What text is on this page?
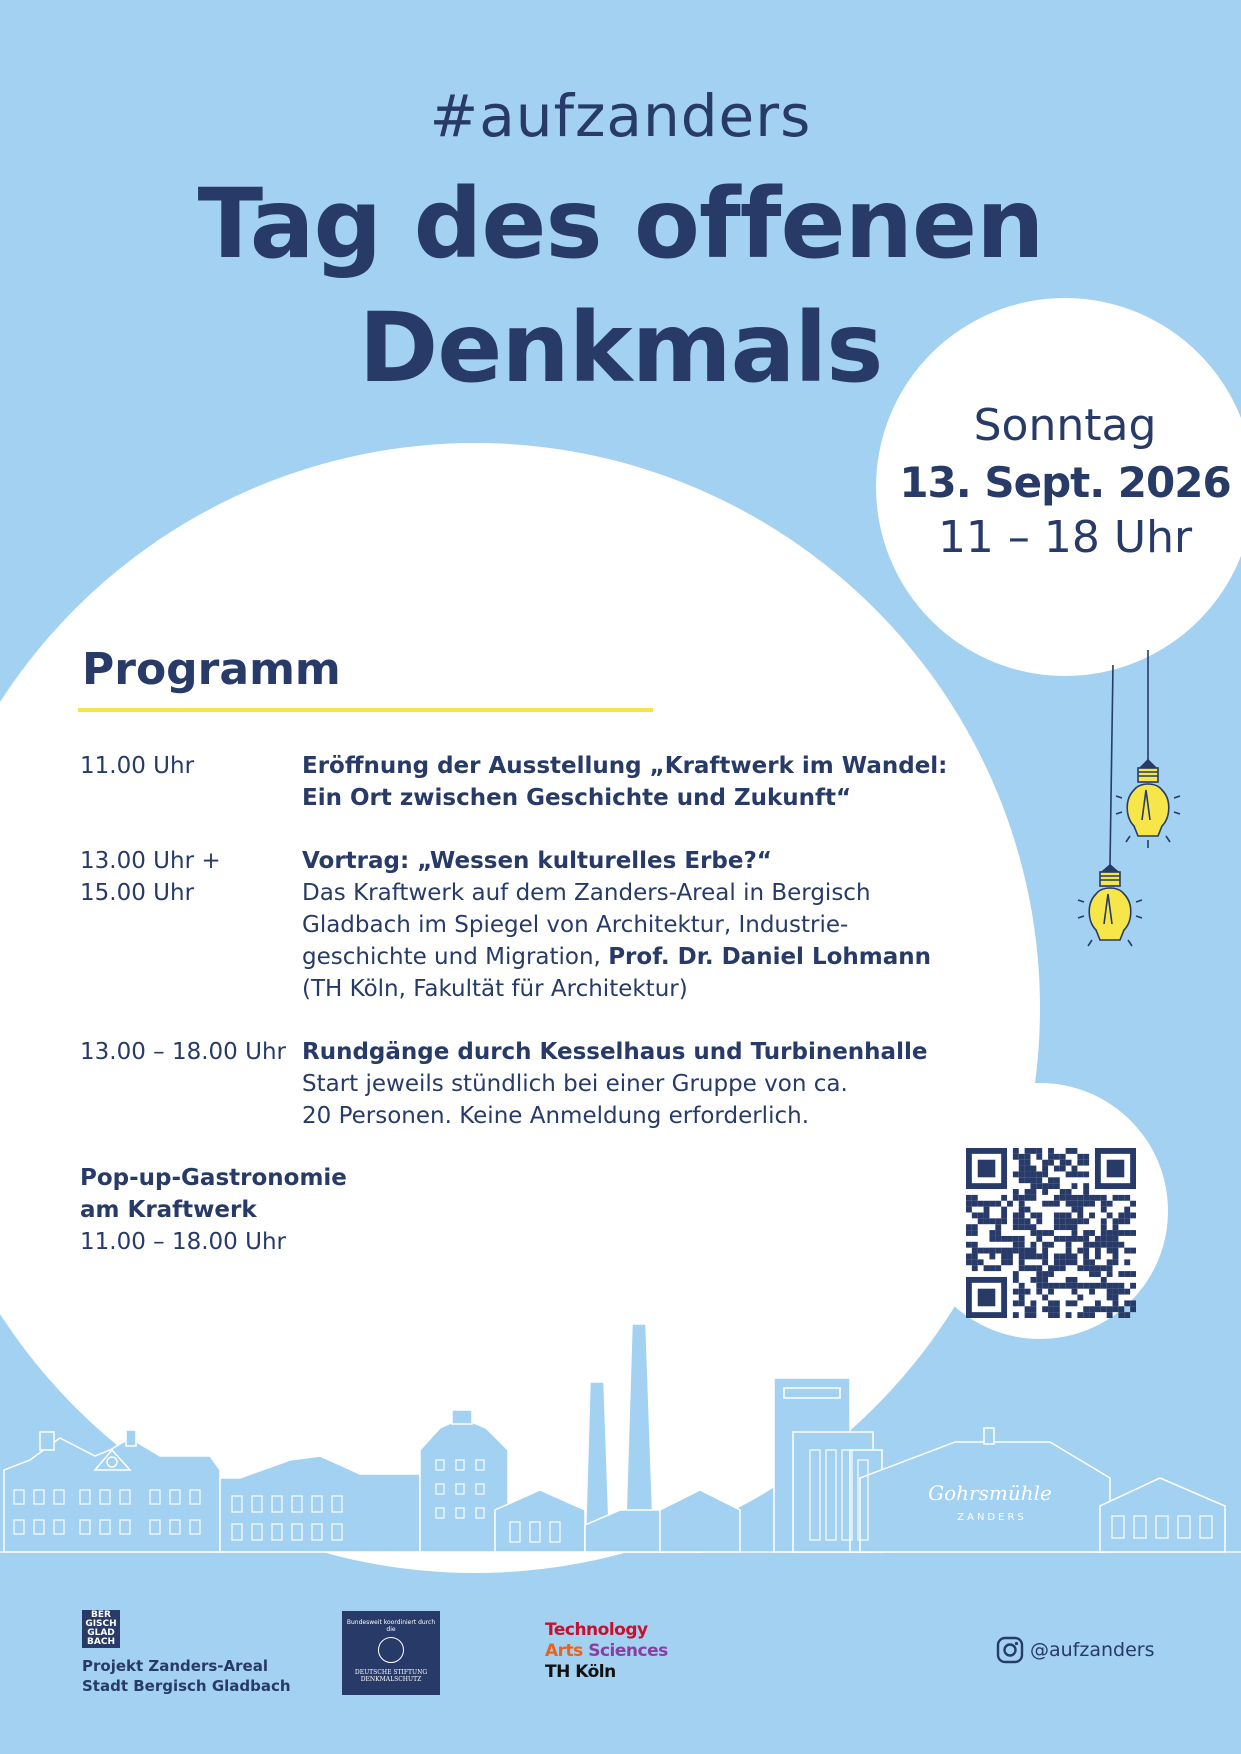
#aufzanders
Tag des offenen
Denkmals
Sonntag
13. Sept. 2026
11 – 18 Uhr
Programm
11.00 Uhr	Eröffnung der Ausstellung „Kraftwerk im Wandel:
Ein Ort zwischen Geschichte und Zukunft“
13.00 Uhr +
15.00 Uhr
Vortrag: „Wessen kulturelles Erbe?“
Das Kraftwerk auf dem Zanders-Areal in Bergisch
Gladbach im Spiegel von Architektur, Industrie-
geschichte und Migration, Prof. Dr. Daniel Lohmann
(TH Köln, Fakultät für Architektur)
13.00 – 18.00 Uhr Rundgänge durch Kesselhaus und Turbinenhalle
Start jeweils stündlich bei einer Gruppe von ca.
20 Personen. Keine Anmeldung erforderlich.
Pop-up-Gastronomie
am Kraftwerk
11.00 – 18.00 Uhr
Gohrsmühle
ZANDERS
BER GISCH GLAD BACH
Projekt Zanders-Areal
Stadt Bergisch Gladbach
Bundesweit koordiniert durch die
DEUTSCHE STIFTUNG DENKMALSCHUTZ
Technology
Arts Sciences
TH Köln
@aufzanders
